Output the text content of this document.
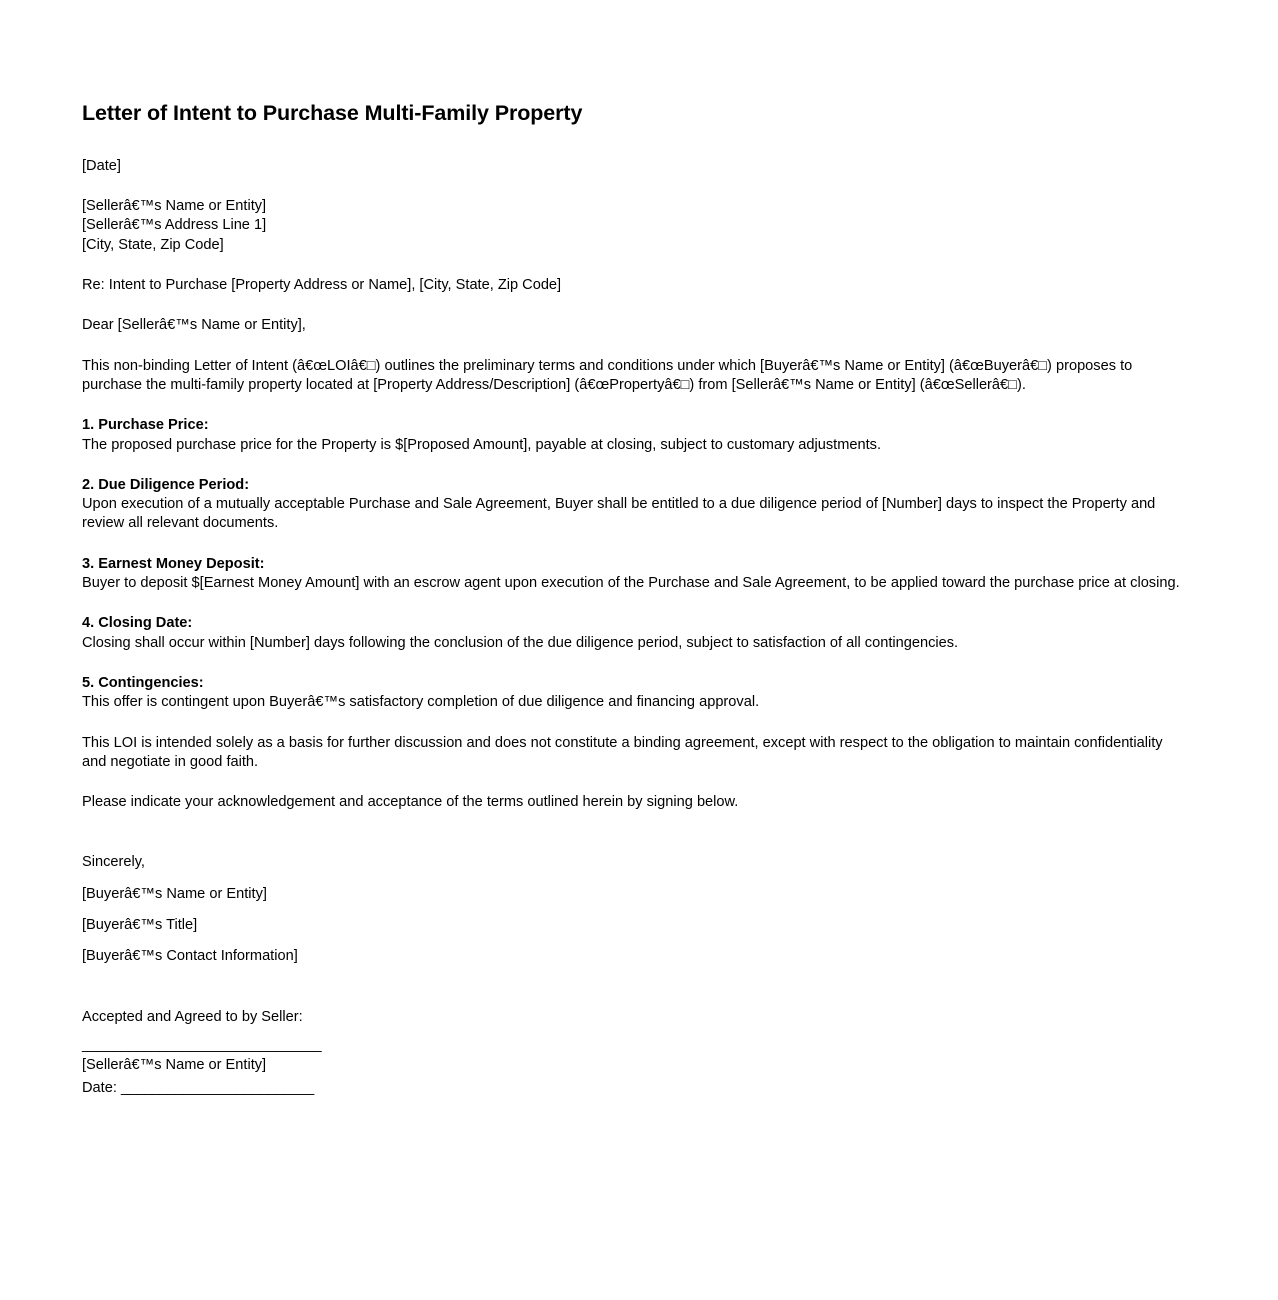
Letter of Intent to Purchase Multi-Family Property

[Date]

[Sellerâ€™s Name or Entity]
[Sellerâ€™s Address Line 1]
[City, State, Zip Code]

Re: Intent to Purchase [Property Address or Name], [City, State, Zip Code]

Dear [Sellerâ€™s Name or Entity],

This non-binding Letter of Intent (â€œLOIâ€□) outlines the preliminary terms and conditions under which [Buyerâ€™s Name or Entity] (â€œBuyerâ€□) proposes to purchase the multi-family property located at [Property Address/Description] (â€œPropertyâ€□) from [Sellerâ€™s Name or Entity] (â€œSellerâ€□).

1. Purchase Price:

The proposed purchase price for the Property is $[Proposed Amount], payable at closing, subject to customary adjustments.

2. Due Diligence Period:

Upon execution of a mutually acceptable Purchase and Sale Agreement, Buyer shall be entitled to a due diligence period of [Number] days to inspect the Property and review all relevant documents.

3. Earnest Money Deposit:

Buyer to deposit $[Earnest Money Amount] with an escrow agent upon execution of the Purchase and Sale Agreement, to be applied toward the purchase price at closing.

4. Closing Date:

Closing shall occur within [Number] days following the conclusion of the due diligence period, subject to satisfaction of all contingencies.

5. Contingencies:

This offer is contingent upon Buyerâ€™s satisfactory completion of due diligence and financing approval.

This LOI is intended solely as a basis for further discussion and does not constitute a binding agreement, except with respect to the obligation to maintain confidentiality and negotiate in good faith.

Please indicate your acknowledgement and acceptance of the terms outlined herein by signing below.

Sincerely,

[Buyerâ€™s Name or Entity]

[Buyerâ€™s Title]

[Buyerâ€™s Contact Information]

Accepted and Agreed to by Seller:

_______________________________

[Sellerâ€™s Name or Entity]

Date: _________________________
